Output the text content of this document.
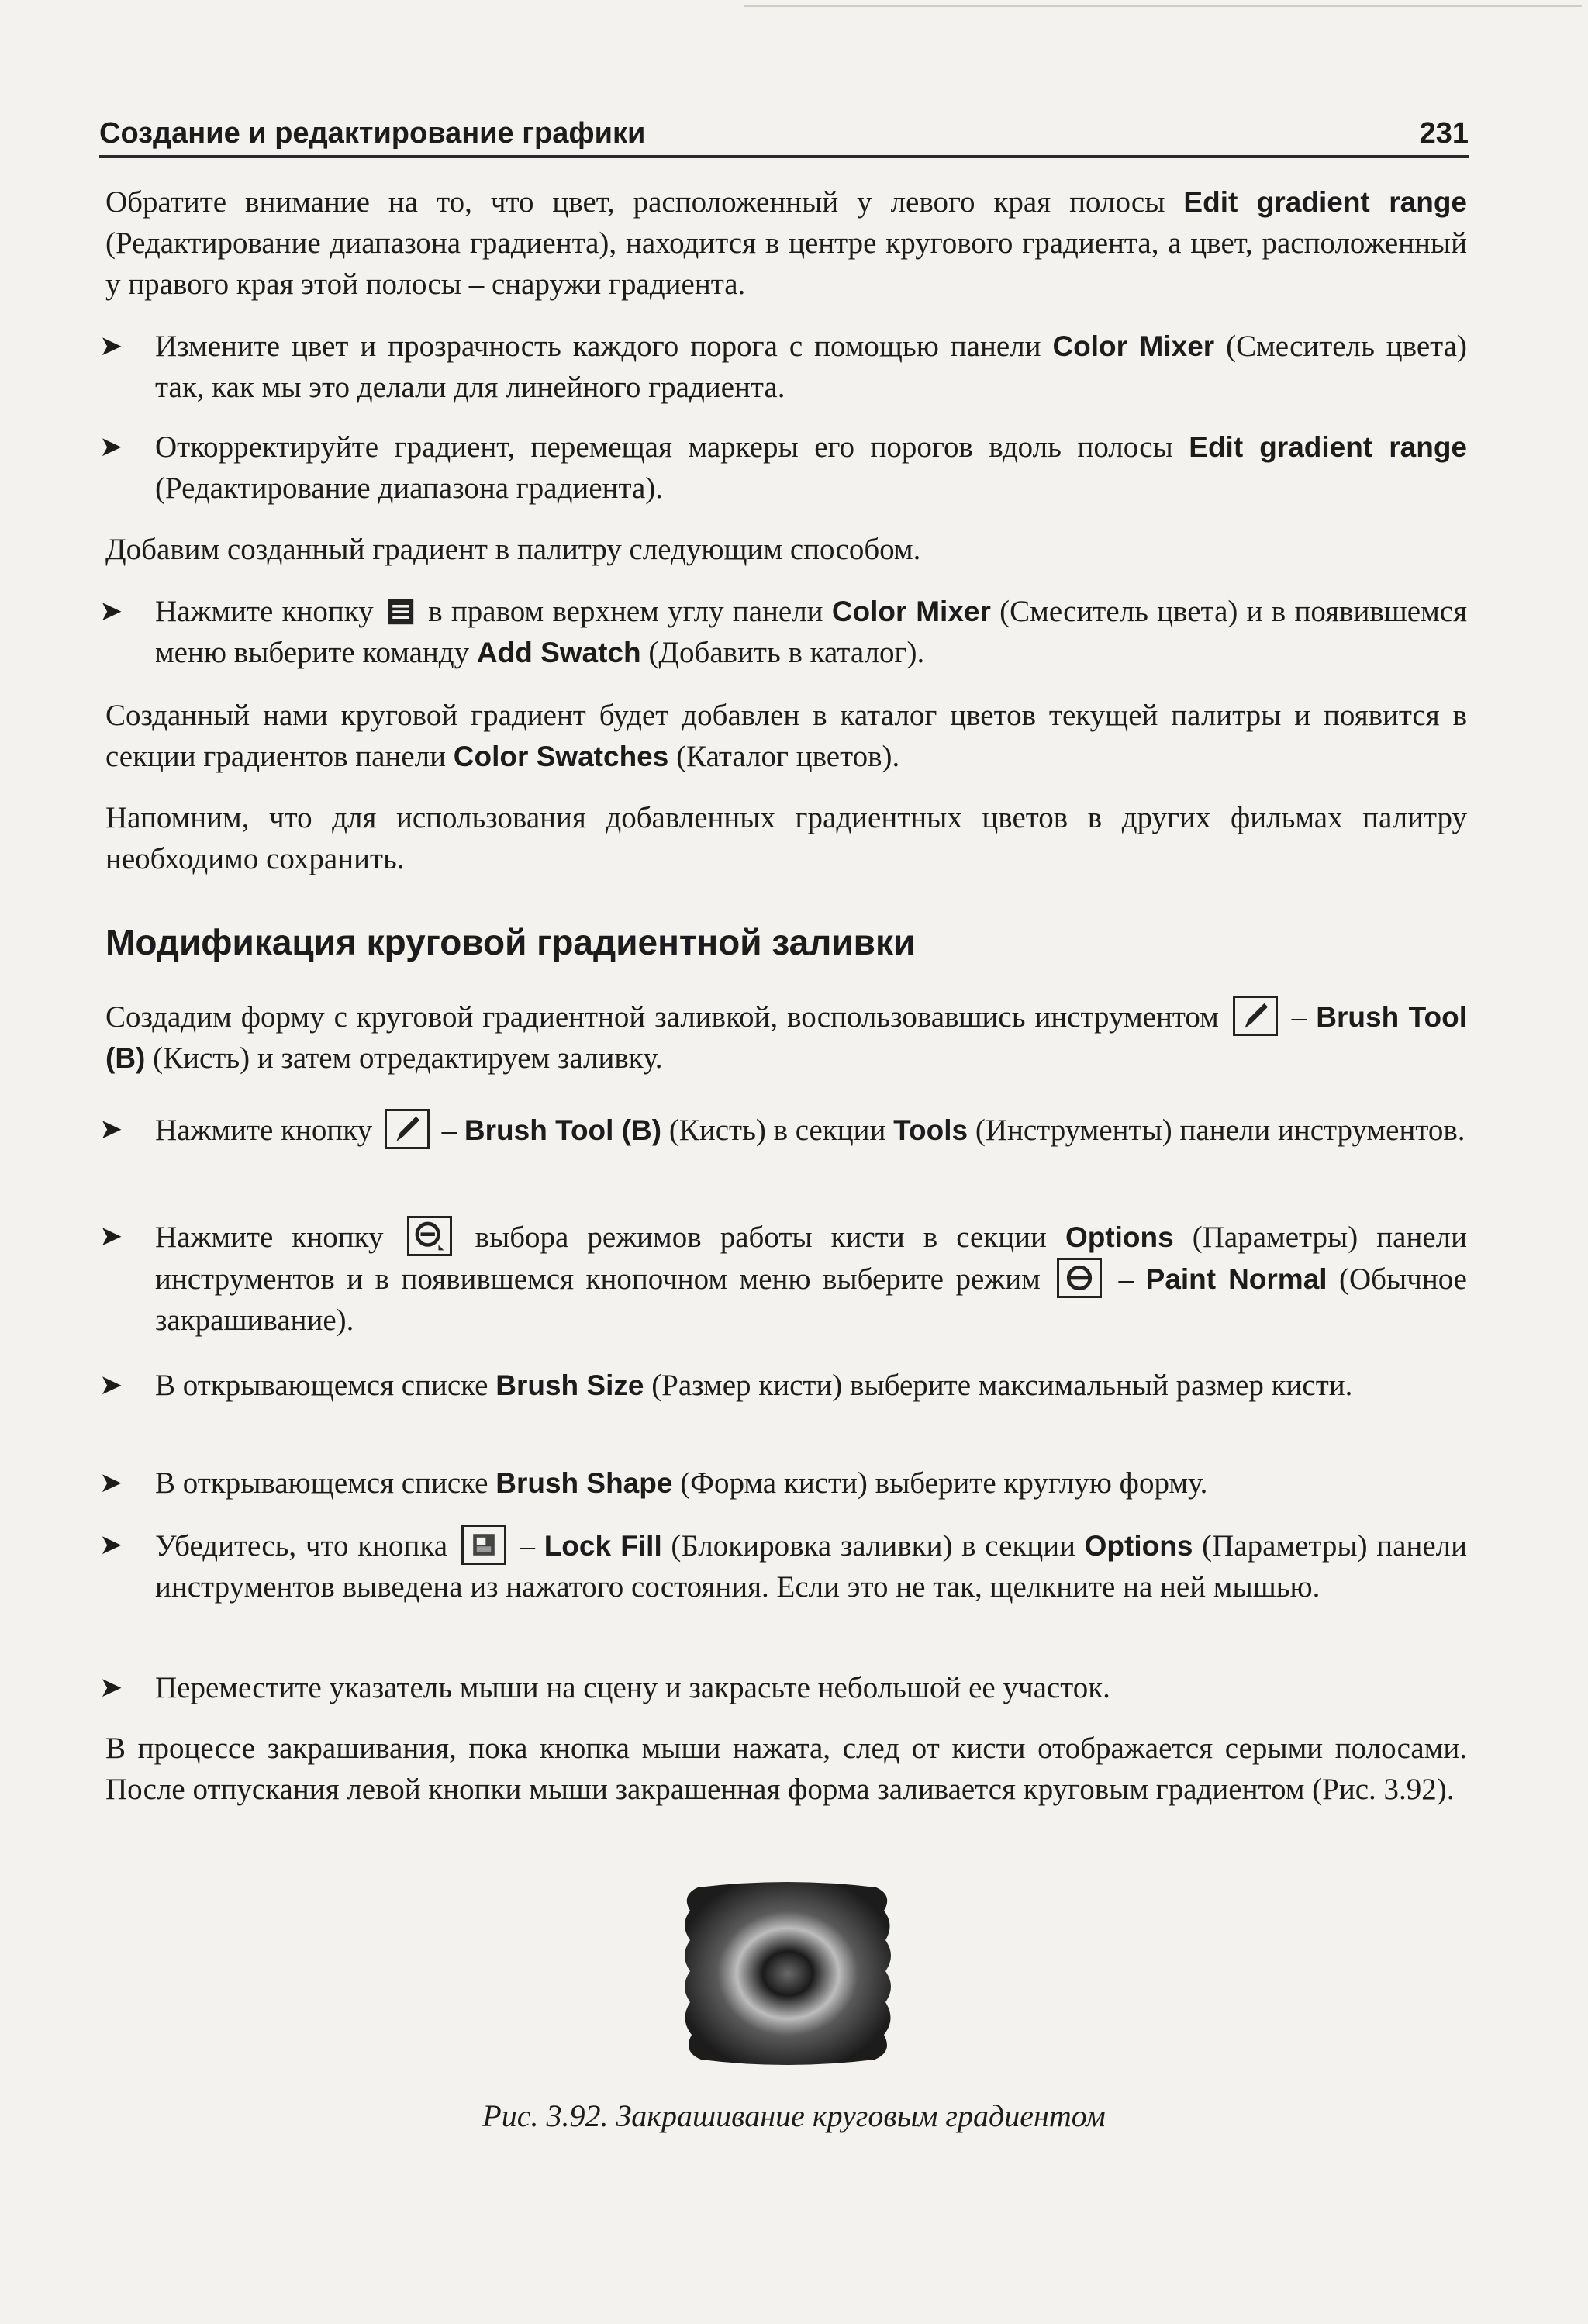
Создание и редактирование графики	231
Обратите внимание на то, что цвет, расположенный у левого края полосы Edit gradient range (Редактирование диапазона градиента), находится в центре кругового градиента, а цвет, расположенный у правого края этой полосы – снаружи градиента.
➤ Измените цвет и прозрачность каждого порога с помощью панели Color Mixer (Смеситель цвета) так, как мы это делали для линейного градиента.
➤ Откорректируйте градиент, перемещая маркеры его порогов вдоль полосы Edit gradient range (Редактирование диапазона градиента).
Добавим созданный градиент в палитру следующим способом.
➤ Нажмите кнопку
в правом верхнем углу панели Color Mixer (Смеситель цвета) и в появившемся меню выберите команду Add Swatch (Добавить в каталог).
Созданный нами круговой градиент будет добавлен в каталог цветов текущей палитры и появится в секции градиентов панели Color Swatches (Каталог цветов).
Напомним, что для использования добавленных градиентных цветов в других фильмах палитру необходимо сохранить.
Модификация круговой градиентной заливки
Создадим форму с круговой градиентной заливкой, воспользовавшись инструментом
– Brush Tool (B) (Кисть) и затем отредактируем заливку.
➤ Нажмите кнопку
– Brush Tool (B) (Кисть) в секции Tools (Инструменты) панели инструментов.
➤ Нажмите кнопку
выбора режимов работы кисти в секции Options (Параметры) панели инструментов и в появившемся кнопочном меню выберите режим
– Paint Normal (Обычное закрашивание).
➤ В открывающемся списке Brush Size (Размер кисти) выберите максимальный размер кисти.
➤ В открывающемся списке Brush Shape (Форма кисти) выберите круглую форму.
➤ Убедитесь, что кнопка
– Lock Fill (Блокировка заливки) в секции Options (Параметры) панели инструментов выведена из нажатого состояния. Если это не так, щелкните на ней мышью.
➤ Переместите указатель мыши на сцену и закрасьте небольшой ее участок.
В процессе закрашивания, пока кнопка мыши нажата, след от кисти отображается серыми полосами. После отпускания левой кнопки мыши закрашенная форма заливается круговым градиентом (Рис. 3.92).
Рис. 3.92. Закрашивание круговым градиентом
